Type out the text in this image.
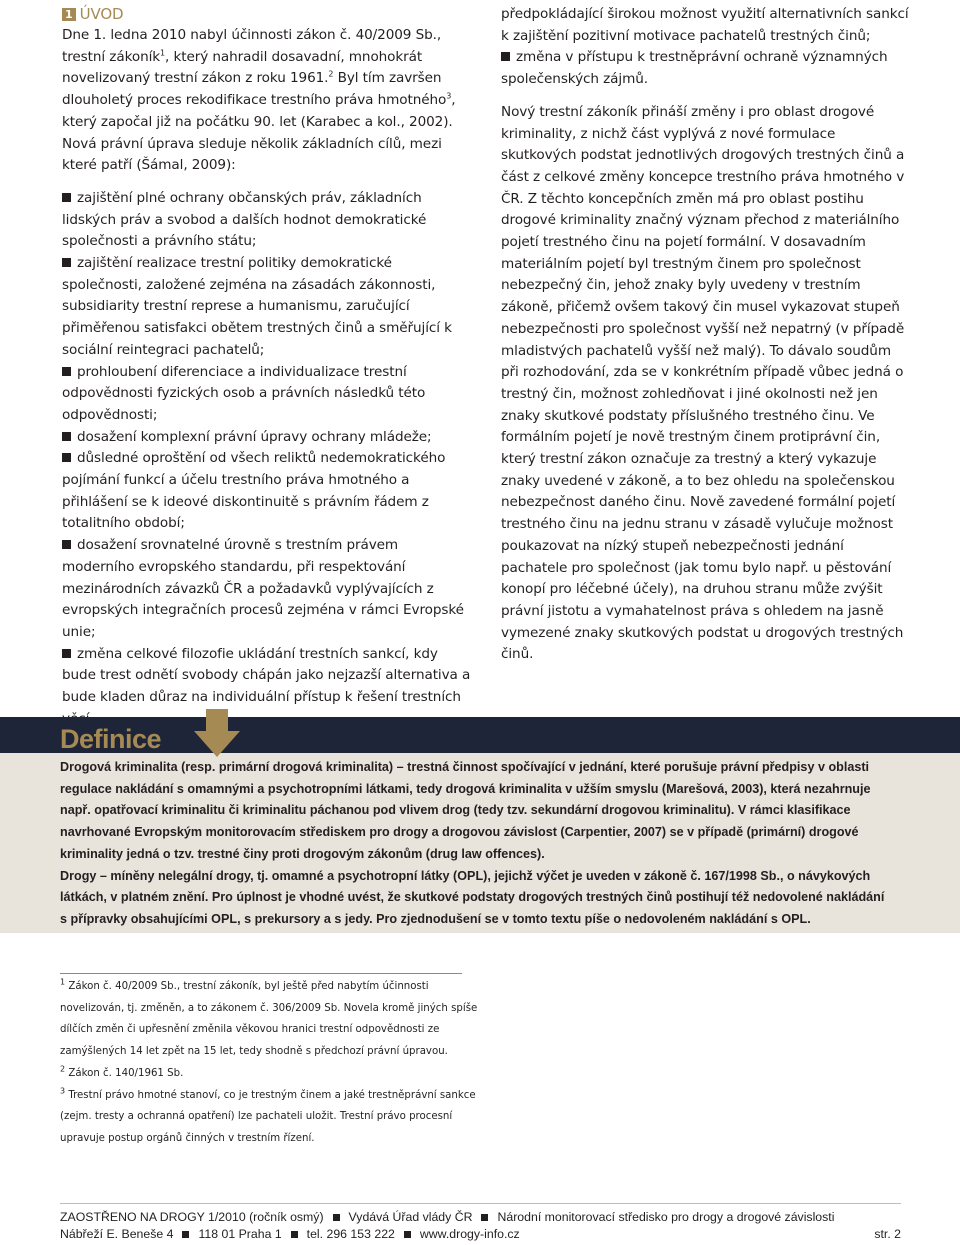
1 ÚVOD

Dne 1. ledna 2010 nabyl účinnosti zákon č. 40/2009 Sb., trestní zákoník$^1$, který nahradil dosavadní, mnohokrát novelizovaný trestní zákon z roku 1961.$^2$ Byl tím završen dlouholetý proces rekodifikace trestního práva hmotného$^3$, který započal již na počátku 90. let (Karabec a kol., 2002). Nová právní úprava sleduje několik základních cílů, mezi které patří (Šámal, 2009):

zajištění plné ochrany občanských práv, základních lidských práv a svobod a dalších hodnot demokratické společnosti a právního státu;

zajištění realizace trestní politiky demokratické společnosti, založené zejména na zásadách zákonnosti, subsidiarity trestní represe a humanismu, zaručující přiměřenou satisfakci obětem trestných činů a směřující k sociální reintegraci pachatelů;

prohloubení diferenciace a individualizace trestní odpovědnosti fyzických osob a právních následků této odpovědnosti;

dosažení komplexní právní úpravy ochrany mládeže;

důsledné oproštění od všech reliktů nedemokratického pojímání funkcí a účelu trestního práva hmotného a přihlášení se k ideové diskontinuitě s právním řádem z totalitního období;

dosažení srovnatelné úrovně s trestním právem moderního evropského standardu, při respektování mezinárodních závazků ČR a požadavků vyplývajících z evropských integračních procesů zejména v rámci Evropské unie;

změna celkové filozofie ukládání trestních sankcí, kdy bude trest odnětí svobody chápán jako nejzazší alternativa a bude kladen důraz na individuální přístup k řešení trestních

předpokládající širokou možnost využití alternativních sankcí k zajištění pozitivní motivace pachatelů trestných činů;

změna v přístupu k trestněprávní ochraně významných společenských zájmů.

Nový trestní zákoník přináší změny i pro oblast drogové kriminality, z nichž část vyplývá z nové formulace skutkových podstat jednotlivých drogových trestných činů a část z celkové změny koncepce trestního práva hmotného v ČR. Z těchto koncepčních změn má pro oblast postihu drogové kriminality značný význam přechod z materiálního pojetí trestného činu na pojetí formální. V dosavadním materiálním pojetí byl trestným činem pro společnost nebezpečný čin, jehož znaky byly uvedeny v trestním zákoně, přičemž ovšem takový čin musel vykazovat stupeň nebezpečnosti pro společnost vyšší než nepatrný (v případě mladistvých pachatelů vyšší než malý). To dávalo soudům při rozhodování, zda se v konkrétním případě vůbec jedná o trestný čin, možnost zohledňovat i jiné okolnosti než jen znaky skutkové podstaty příslušného trestného činu. Ve formálním pojetí je nově trestným činem protiprávní čin, který trestní zákon označuje za trestný a který vykazuje znaky uvedené v zákoně, a to bez ohledu na společenskou nebezpečnost daného činu. Nově zavedené formální pojetí trestného činu na jednu stranu v zásadě vylučuje možnost poukazovat na nízký stupeň nebezpečnosti jednání pachatele pro společnost (jak tomu bylo např. u pěstování konopí pro léčebné účely), na druhou stranu může zvýšit právní jistotu a vymahatelnost práva s ohledem na jasně vymezené znaky skutkových podstat u drogových trestných činů.

Definice

Drogová kriminalita (resp. primární drogová kriminalita) – trestná činnost spočívající v jednání, které porušuje právní předpisy v oblasti regulace nakládání s omamnými a psychotropními látkami, tedy drogová kriminalita v užším smyslu (Marešová, 2003), která nezahrnuje např. opatřovací kriminalitu či kriminalitu páchanou pod vlivem drog (tedy tzv. sekundární drogovou kriminalitu). V rámci klasifikace navrhované Evropským monitorovacím střediskem pro drogy a drogovou závislost (Carpentier, 2007) se v případě (primární) drogové kriminality jedná o tzv. trestné činy proti drogovým zákonům (drug law offences).

Drogy – míněny nelegální drogy, tj. omamné a psychotropní látky (OPL), jejichž výčet je uveden v zákoně č. 167/1998 Sb., o návykových látkách, v platném znění. Pro úplnost je vhodné uvést, že skutkové podstaty drogových trestných činů postihují též nedovolené nakládání s přípravky obsahujícími OPL, s prekursory a s jedy. Pro zjednodušení se v tomto textu píše o nedovoleném nakládání s OPL.

$^1$ Zákon č. 40/2009 Sb., trestní zákoník, byl ještě před nabytím účinnosti novelizován, tj. změněn, a to zákonem č. 306/2009 Sb. Novela kromě jiných spíše dílčích změn či upřesnění změnila věkovou hranici trestní odpovědnosti ze zamýšlených 14 let zpět na 15 let, tedy shodně s předchozí právní úpravou.

$^2$ Zákon č. 140/1961 Sb.

$^3$ Trestní právo hmotné stanoví, co je trestným činem a jaké trestněprávní sankce (zejm. tresty a ochranná opatření) lze pachateli uložit. Trestní právo procesní upravuje postup orgánů činných v trestním řízení.

ZAOSTŘENO NA DROGY 1/2010 (ročník osmý) Vydává Úřad vlády ČR Národní monitorovací středisko pro drogy a drogové závislosti
Nábřeží E. Beneše 4 118 01 Praha 1 tel. 296 153 222 www.drogy-info.cz	str. 2
